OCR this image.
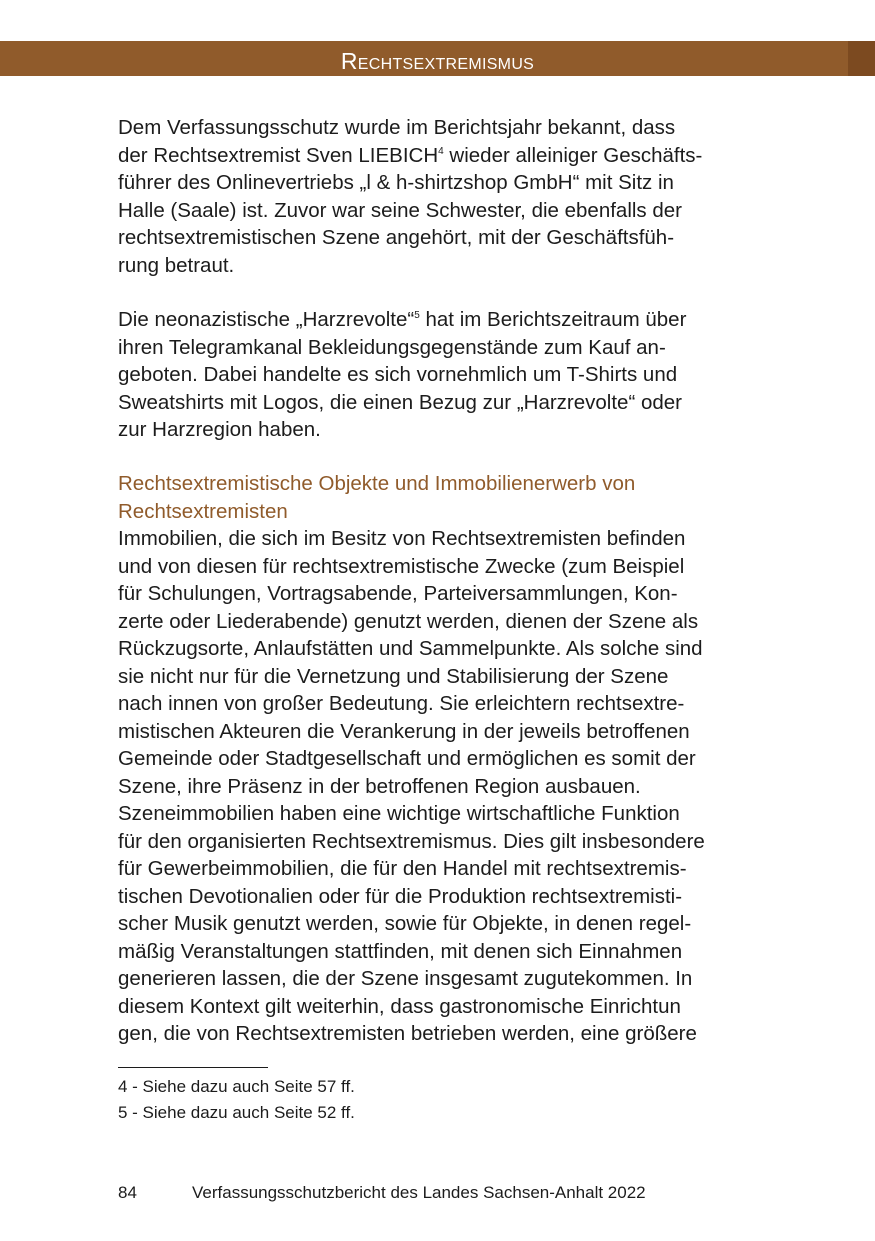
Rechtsextremismus
Dem Verfassungsschutz wurde im Berichtsjahr bekannt, dass
der Rechtsextremist Sven LIEBICH$^4$ wieder alleiniger Geschäfts-
führer des Onlinevertriebs „l & h-shirtzshop GmbH“ mit Sitz in
Halle (Saale) ist. Zuvor war seine Schwester, die ebenfalls der
rechtsextremistischen Szene angehört, mit der Geschäftsfüh-
rung betraut.
Die neonazistische „Harzrevolte“$^5$ hat im Berichtszeitraum über
ihren Telegramkanal Bekleidungsgegenstände zum Kauf an-
geboten. Dabei handelte es sich vornehmlich um T-Shirts und
Sweatshirts mit Logos, die einen Bezug zur „Harzrevolte“ oder
zur Harzregion haben.
Rechtsextremistische Objekte und Immobilienerwerb von
Rechtsextremisten
Immobilien, die sich im Besitz von Rechtsextremisten befinden
und von diesen für rechtsextremistische Zwecke (zum Beispiel
für Schulungen, Vortragsabende, Parteiversammlungen, Kon-
zerte oder Liederabende) genutzt werden, dienen der Szene als
Rückzugsorte, Anlaufstätten und Sammelpunkte. Als solche sind
sie nicht nur für die Vernetzung und Stabilisierung der Szene
nach innen von großer Bedeutung. Sie erleichtern rechtsextre-
mistischen Akteuren die Verankerung in der jeweils betroffenen
Gemeinde oder Stadtgesellschaft und ermöglichen es somit der
Szene, ihre Präsenz in der betroffenen Region ausbauen.
Szeneimmobilien haben eine wichtige wirtschaftliche Funktion
für den organisierten Rechtsextremismus. Dies gilt insbesondere
für Gewerbeimmobilien, die für den Handel mit rechtsextremis-
tischen Devotionalien oder für die Produktion rechtsextremisti-
scher Musik genutzt werden, sowie für Objekte, in denen regel-
mäßig Veranstaltungen stattfinden, mit denen sich Einnahmen
generieren lassen, die der Szene insgesamt zugutekommen. In
diesem Kontext gilt weiterhin, dass gastronomische Einrichtun
gen, die von Rechtsextremisten betrieben werden, eine größere
4 - Siehe dazu auch Seite 57 ff.
5 - Siehe dazu auch Seite 52 ff.
84	Verfassungsschutzbericht des Landes Sachsen-Anhalt 2022
